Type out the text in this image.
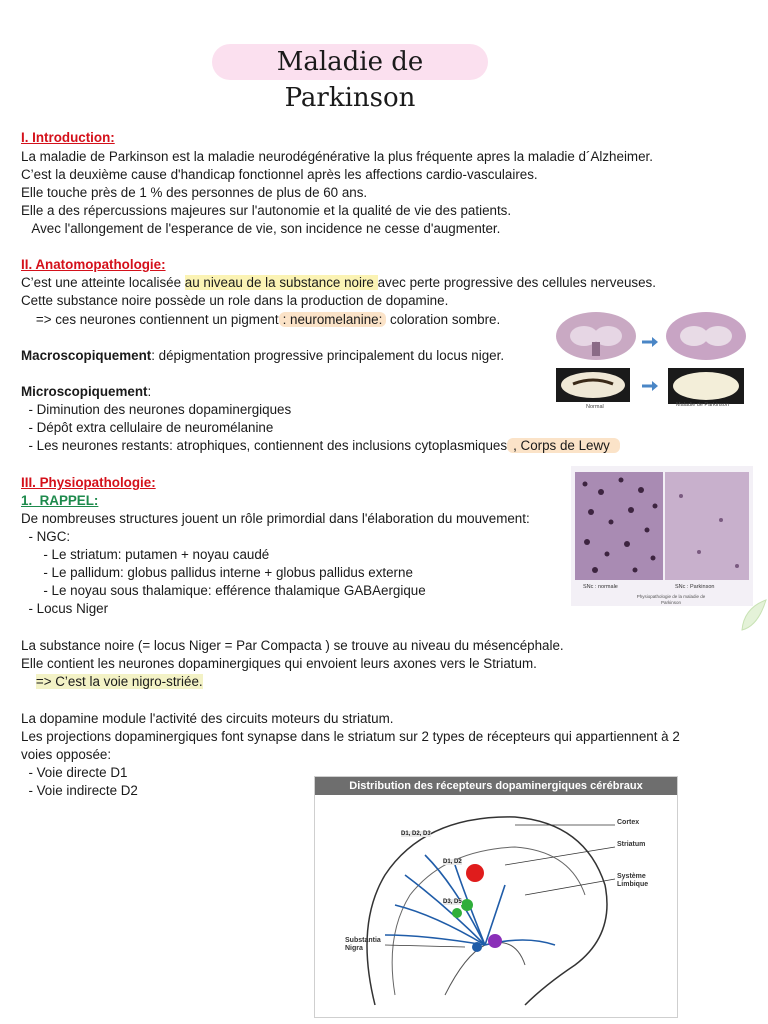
Maladie de Parkinson
I. Introduction:
La maladie de Parkinson est la maladie neurodégénérative la plus fréquente apres la maladie d´Alzheimer.
C’est la deuxième cause d'handicap fonctionnel après les affections cardio-vasculaires.
Elle touche près de 1 % des personnes de plus de 60 ans.
Elle a des répercussions majeures sur l'autonomie et la qualité de vie des patients.
Avec l'allongement de l'esperance de vie, son incidence ne cesse d'augmenter.
II. Anatomopathologie:
C’est une atteinte localisée au niveau de la substance noire avec perte progressive des cellules nerveuses.
Cette substance noire possède un role dans la production de dopamine.
=> ces neurones contiennent un pigment : neuromelanine: coloration sombre.
Macroscopiquement: dépigmentation progressive principalement du locus niger.
Microscopiquement:
- Diminution des neurones dopaminergiques
- Dépôt extra cellulaire de neuromélanine
- Les neurones restants: atrophiques, contiennent des inclusions cytoplasmiques , Corps de Lewy
III. Physiopathologie:
1.  RAPPEL:
De nombreuses structures jouent un rôle primordial dans l'élaboration du mouvement:
- NGC:
- Le striatum: putamen + noyau caudé
- Le pallidum: globus pallidus interne + globus pallidus externe
- Le noyau sous thalamique: efférence thalamique GABAergique
- Locus Niger
La substance noire (= locus Niger = Par Compacta ) se trouve au niveau du mésencéphale.
Elle contient les neurones dopaminergiques qui envoient leurs axones vers le Striatum.
=> C’est la voie nigro-striée.
La dopamine module l'activité des circuits moteurs du striatum.
Les projections dopaminergiques font synapse dans le striatum sur 2 types de récepteurs qui appartiennent à 2
voies opposée:
- Voie directe D1
- Voie indirecte D2
Normal	Maladie de Parkinson
SNc : normale	SNc : Parkinson
Physiopathologie de la maladie de Parkinson
Distribution des récepteurs dopaminergiques cérébraux
Cortex
Striatum
Système Limbique
Substantia Nigra
D1, D2, D3
D1, D2
D3, D5
